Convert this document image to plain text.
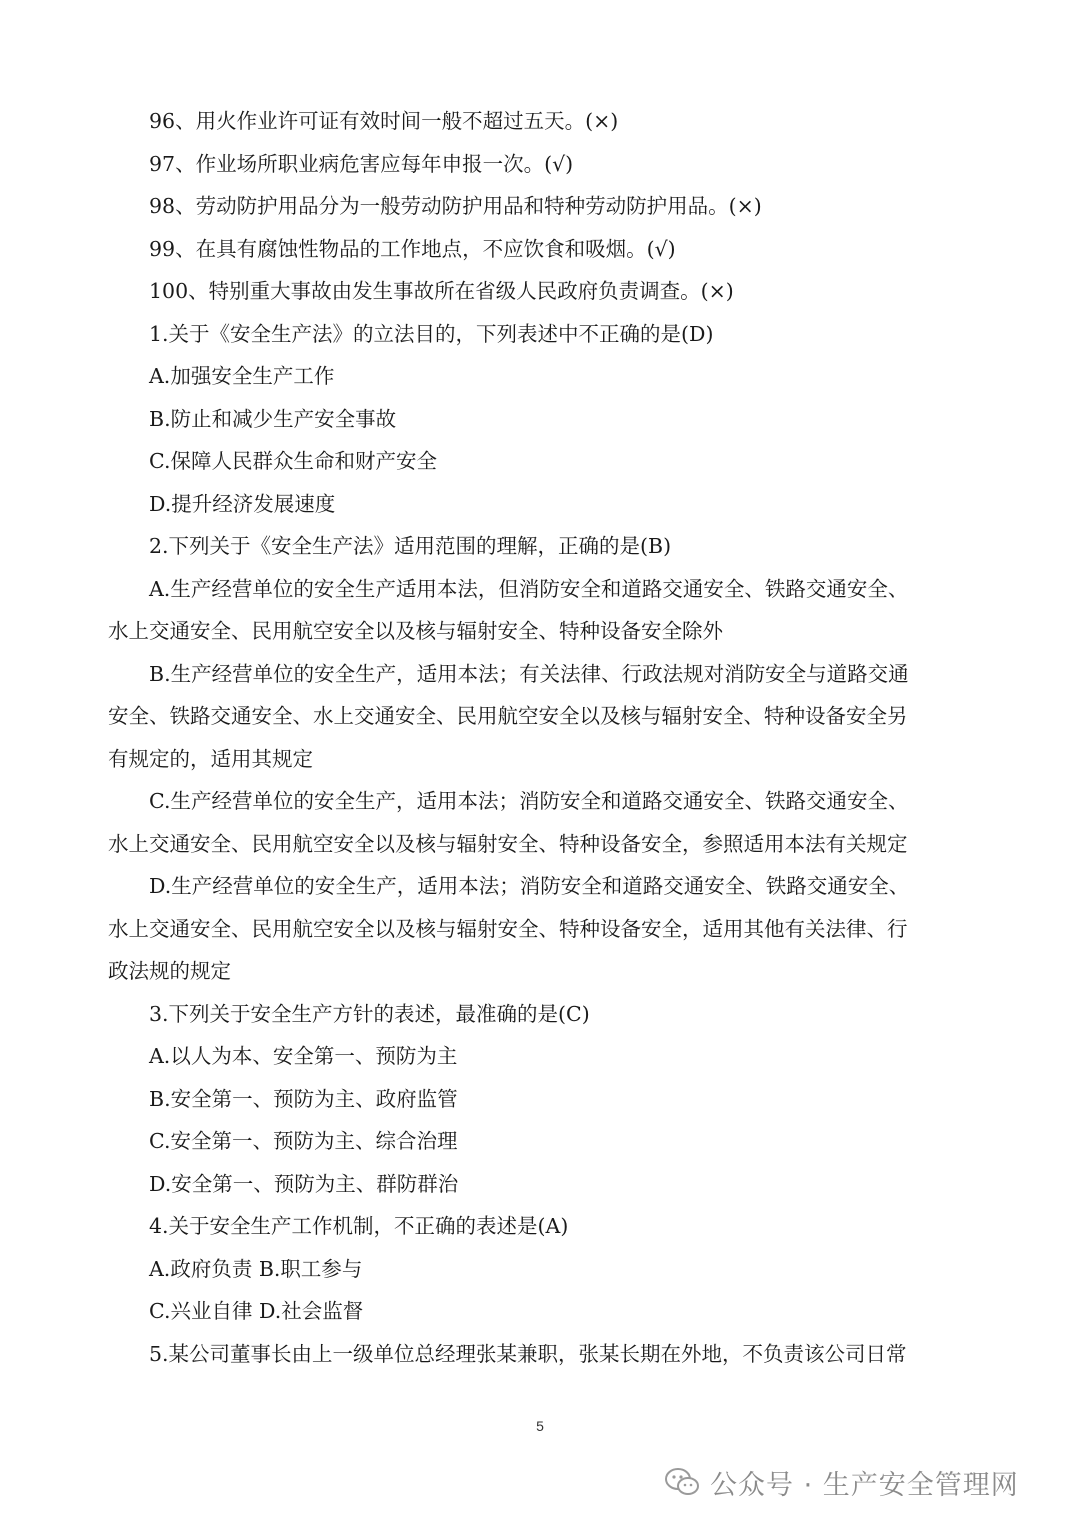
96、用火作业许可证有效时间一般不超过五天。(×)
97、作业场所职业病危害应每年申报一次。(√)
98、劳动防护用品分为一般劳动防护用品和特种劳动防护用品。(×)
99、在具有腐蚀性物品的工作地点，不应饮食和吸烟。(√)
100、特别重大事故由发生事故所在省级人民政府负责调查。(×)
1.关于《安全生产法》的立法目的，下列表述中不正确的是(D)
A.加强安全生产工作
B.防止和减少生产安全事故
C.保障人民群众生命和财产安全
D.提升经济发展速度
2.下列关于《安全生产法》适用范围的理解，正确的是(B)
A.生产经营单位的安全生产适用本法，但消防安全和道路交通安全、铁路交通安全、
水上交通安全、民用航空安全以及核与辐射安全、特种设备安全除外
B.生产经营单位的安全生产，适用本法；有关法律、行政法规对消防安全与道路交通
安全、铁路交通安全、水上交通安全、民用航空安全以及核与辐射安全、特种设备安全另
有规定的，适用其规定
C.生产经营单位的安全生产，适用本法；消防安全和道路交通安全、铁路交通安全、
水上交通安全、民用航空安全以及核与辐射安全、特种设备安全，参照适用本法有关规定
D.生产经营单位的安全生产，适用本法；消防安全和道路交通安全、铁路交通安全、
水上交通安全、民用航空安全以及核与辐射安全、特种设备安全，适用其他有关法律、行
政法规的规定
3.下列关于安全生产方针的表述，最准确的是(C)
A.以人为本、安全第一、预防为主
B.安全第一、预防为主、政府监管
C.安全第一、预防为主、综合治理
D.安全第一、预防为主、群防群治
4.关于安全生产工作机制，不正确的表述是(A)
A.政府负责 B.职工参与
C.兴业自律 D.社会监督
5.某公司董事长由上一级单位总经理张某兼职，张某长期在外地，不负责该公司日常
5
公众号 · 生产安全管理网
